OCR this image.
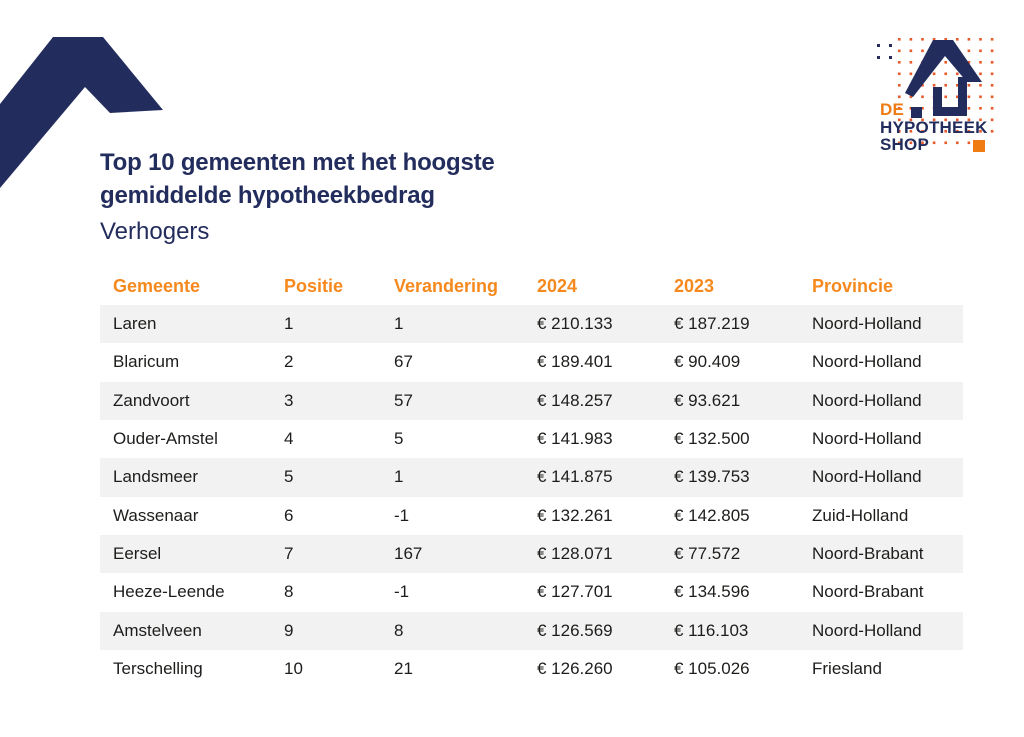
DE
HYPOTHEEK
SHOP
Top 10 gemeenten met het hoogste
gemiddelde hypotheekbedrag
Verhogers
Gemeente	Positie	Verandering	2024	2023	Provincie
Laren	1	1	€ 210.133	€ 187.219	Noord-Holland
Blaricum	2	67	€ 189.401	€ 90.409	Noord-Holland
Zandvoort	3	57	€ 148.257	€ 93.621	Noord-Holland
Ouder-Amstel	4	5	€ 141.983	€ 132.500	Noord-Holland
Landsmeer	5	1	€ 141.875	€ 139.753	Noord-Holland
Wassenaar	6	-1	€ 132.261	€ 142.805	Zuid-Holland
Eersel	7	167	€ 128.071	€ 77.572	Noord-Brabant
Heeze-Leende	8	-1	€ 127.701	€ 134.596	Noord-Brabant
Amstelveen	9	8	€ 126.569	€ 116.103	Noord-Holland
Terschelling	10	21	€ 126.260	€ 105.026	Friesland
